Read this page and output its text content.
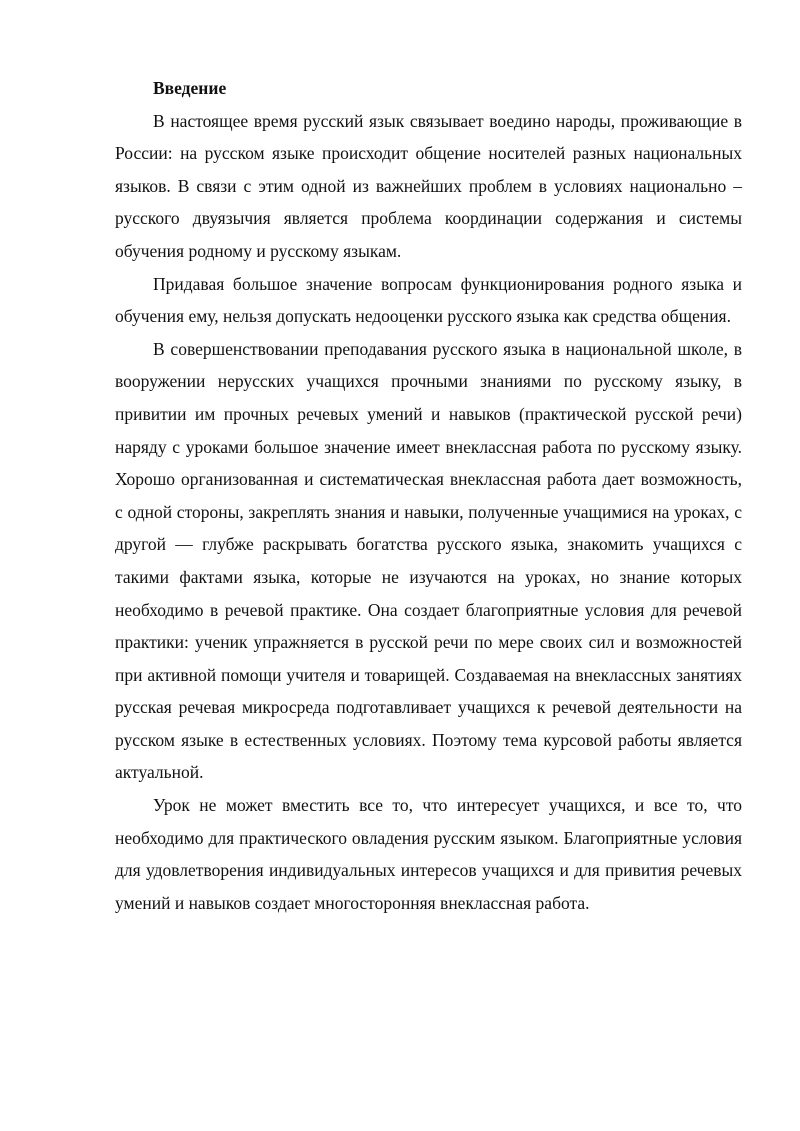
Введение

В настоящее время русский язык связывает воедино народы, проживающие в России: на русском языке происходит общение носителей разных национальных языков. В связи с этим одной из важнейших проблем в условиях национально –русского двуязычия является проблема координации содержания и системы обучения родному и русскому языкам.

Придавая большое значение вопросам функционирования родного языка и обучения ему, нельзя допускать недооценки русского языка как средства общения.

В совершенствовании преподавания русского языка в национальной школе, в вооружении нерусских учащихся прочными знаниями по русскому языку, в привитии им прочных речевых умений и навыков (практической русской речи) наряду с уроками большое значение имеет внеклассная работа по русскому языку. Хорошо организованная и систематическая внеклассная работа дает возможность, с одной стороны, закреплять знания и навыки, полученные учащимися на уроках, с другой — глубже раскрывать богатства русского языка, знакомить учащихся с такими фактами языка, которые не изучаются на уроках, но знание которых необходимо в речевой практике. Она создает благоприятные условия для речевой практики: ученик упражняется в русской речи по мере своих сил и возможностей при активной помощи учителя и товарищей. Создаваемая на внеклассных занятиях русская речевая микросреда подготавливает учащихся к речевой деятельности на русском языке в естественных условиях. Поэтому тема курсовой работы является актуальной.

Урок не может вместить все то, что интересует учащихся, и все то, что необходимо для практического овладения русским языком. Благоприятные условия для удовлетворения индивидуальных интересов учащихся и для привития речевых умений и навыков создает многосторонняя внеклассная работа.
